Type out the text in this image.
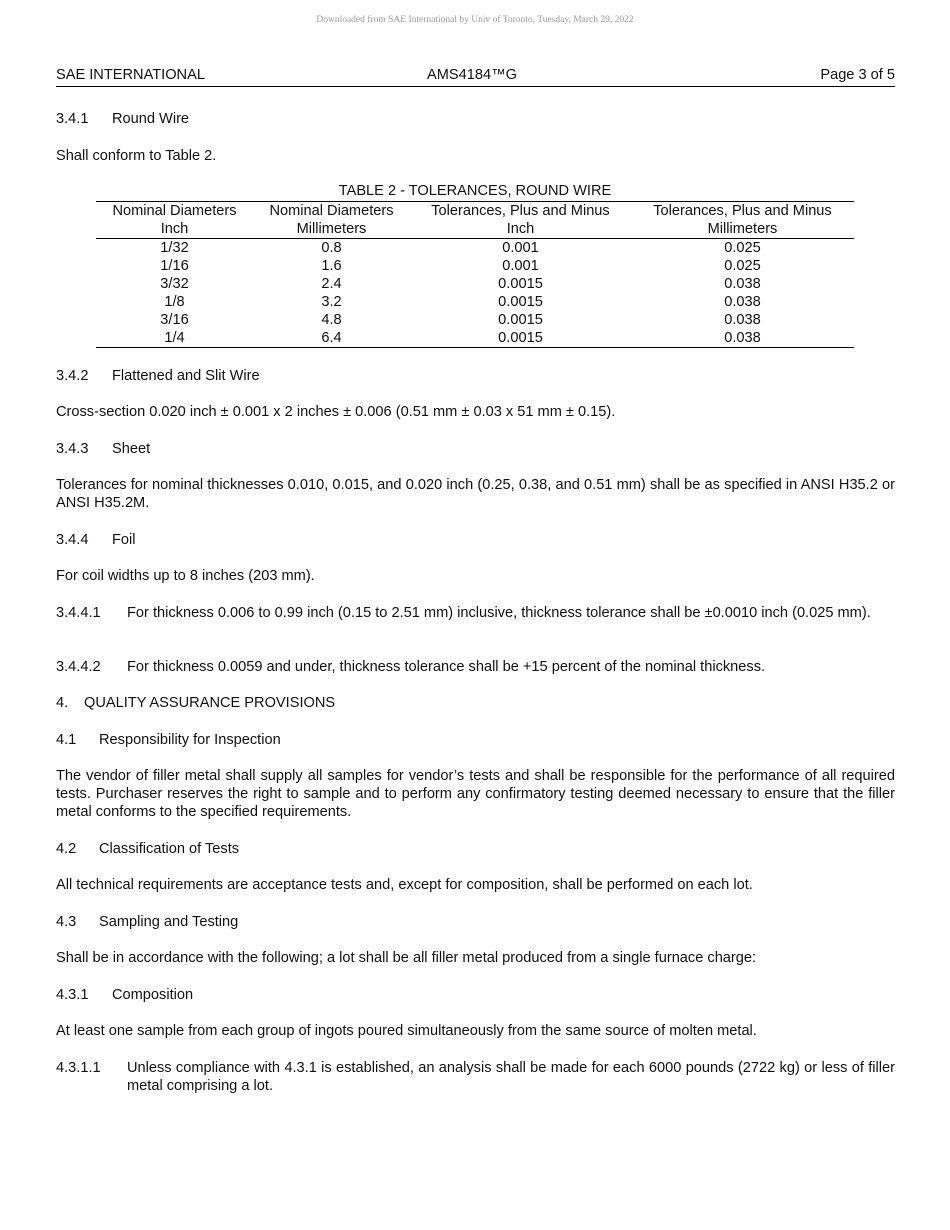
Downloaded from SAE International by Univ of Toronto, Tuesday, March 29, 2022
SAE INTERNATIONAL	AMS4184™G	Page 3 of 5
3.4.1 Round Wire
Shall conform to Table 2.
TABLE 2 - TOLERANCES, ROUND WIRE
Nominal Diameters	Nominal Diameters	Tolerances, Plus and Minus	Tolerances, Plus and Minus
Inch	Millimeters	Inch	Millimeters
1/32	0.8	0.001	0.025
1/16	1.6	0.001	0.025
3/32	2.4	0.0015	0.038
1/8	3.2	0.0015	0.038
3/16	4.8	0.0015	0.038
1/4	6.4	0.0015	0.038
3.4.2 Flattened and Slit Wire
Cross-section 0.020 inch ± 0.001 x 2 inches ± 0.006 (0.51 mm ± 0.03 x 51 mm ± 0.15).
3.4.3 Sheet
Tolerances for nominal thicknesses 0.010, 0.015, and 0.020 inch (0.25, 0.38, and 0.51 mm) shall be as specified in ANSI H35.2 or ANSI H35.2M.
3.4.4 Foil
For coil widths up to 8 inches (203 mm).
3.4.4.1 For thickness 0.006 to 0.99 inch (0.15 to 2.51 mm) inclusive, thickness tolerance shall be ±0.0010 inch (0.025 mm).
3.4.4.2 For thickness 0.0059 and under, thickness tolerance shall be +15 percent of the nominal thickness.
4. QUALITY ASSURANCE PROVISIONS
4.1 Responsibility for Inspection
The vendor of filler metal shall supply all samples for vendor’s tests and shall be responsible for the performance of all required tests. Purchaser reserves the right to sample and to perform any confirmatory testing deemed necessary to ensure that the filler metal conforms to the specified requirements.
4.2 Classification of Tests
All technical requirements are acceptance tests and, except for composition, shall be performed on each lot.
4.3 Sampling and Testing
Shall be in accordance with the following; a lot shall be all filler metal produced from a single furnace charge:
4.3.1 Composition
At least one sample from each group of ingots poured simultaneously from the same source of molten metal.
4.3.1.1 Unless compliance with 4.3.1 is established, an analysis shall be made for each 6000 pounds (2722 kg) or less of filler metal comprising a lot.
